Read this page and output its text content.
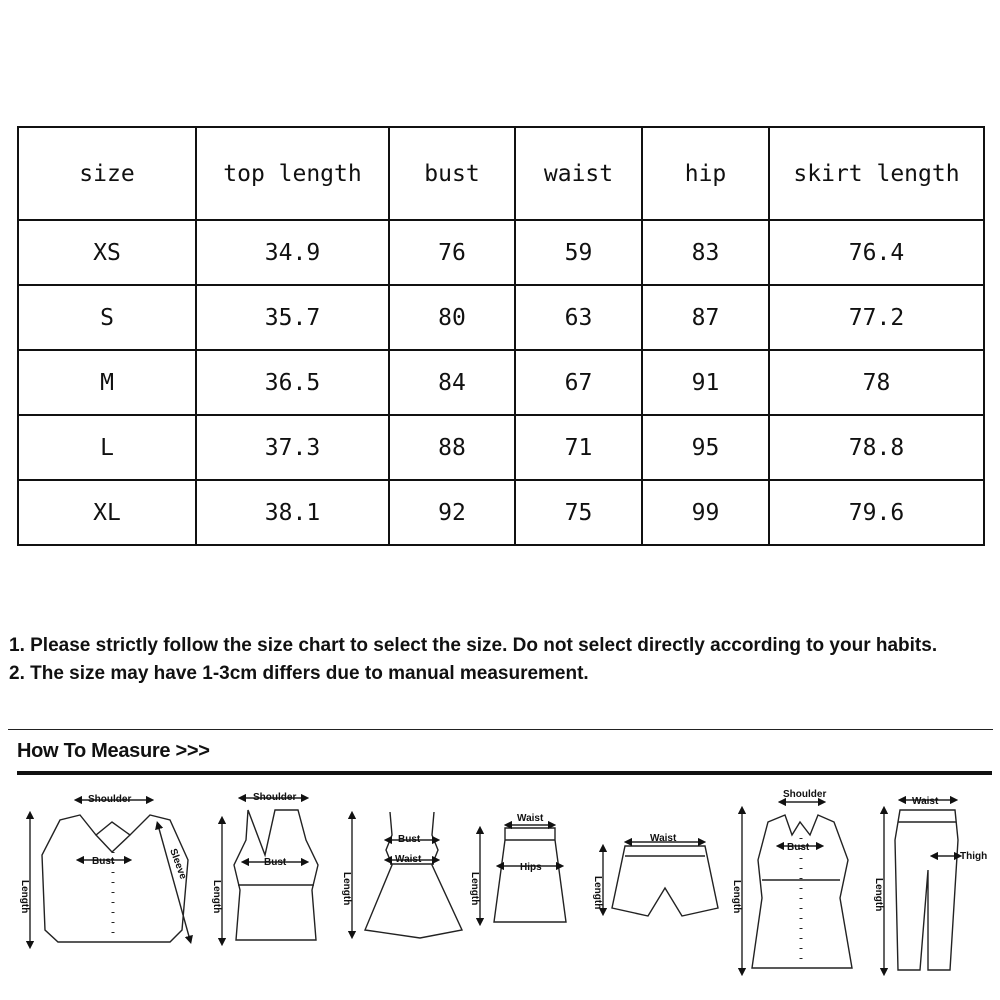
size	top length	bust	waist	hip	skirt length
XS	34.9	76	59	83	76.4
S	35.7	80	63	87	77.2
M	36.5	84	67	91	78
L	37.3	88	71	95	78.8
XL	38.1	92	75	99	79.6

1. Please strictly follow the size chart to select the size. Do not select directly according to your habits.

2. The size may have 1-3cm differs due to manual measurement.

How To Measure >>>
Shoulder
Bust
Length
Sleeve
Shoulder
Bust
Length
Bust
Waist
Length
Waist
Hips
Length
Waist
Length
Shoulder
Bust
Length
Waist
Thigh
Length
